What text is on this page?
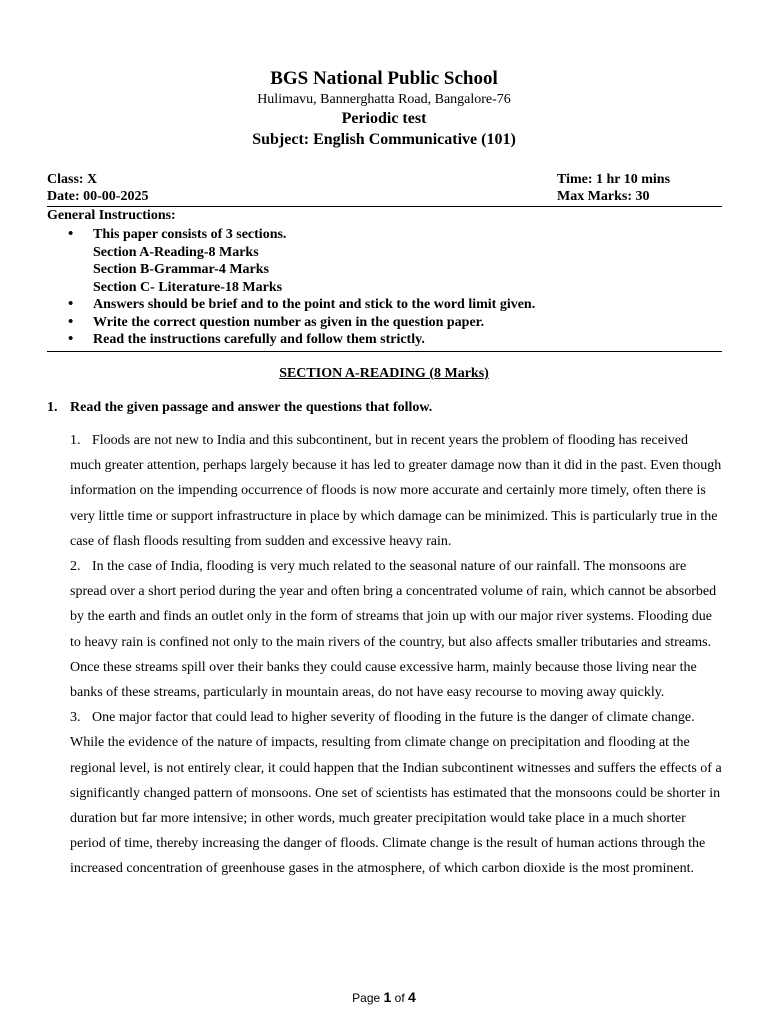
BGS National Public School
Hulimavu, Bannerghatta Road, Bangalore-76
Periodic test
Subject: English Communicative (101)
Class: X	Time: 1 hr 10 mins
Date: 00-00-2025	Max Marks: 30
General Instructions:
• This paper consists of 3 sections.
Section A-Reading-8 Marks
Section B-Grammar-4 Marks
Section C- Literature-18 Marks
• Answers should be brief and to the point and stick to the word limit given.
• Write the correct question number as given in the question paper.
• Read the instructions carefully and follow them strictly.
SECTION A-READING (8 Marks)
1. Read the given passage and answer the questions that follow.

1. Floods are not new to India and this subcontinent, but in recent years the problem of flooding has received much greater attention, perhaps largely because it has led to greater damage now than it did in the past. Even though information on the impending occurrence of floods is now more accurate and certainly more timely, often there is very little time or support infrastructure in place by which damage can be minimized. This is particularly true in the case of flash floods resulting from sudden and excessive heavy rain.

2. In the case of India, flooding is very much related to the seasonal nature of our rainfall. The monsoons are spread over a short period during the year and often bring a concentrated volume of rain, which cannot be absorbed by the earth and finds an outlet only in the form of streams that join up with our major river systems. Flooding due to heavy rain is confined not only to the main rivers of the country, but also affects smaller tributaries and streams. Once these streams spill over their banks they could cause excessive harm, mainly because those living near the banks of these streams, particularly in mountain areas, do not have easy recourse to moving away quickly.

3. One major factor that could lead to higher severity of flooding in the future is the danger of climate change. While the evidence of the nature of impacts, resulting from climate change on precipitation and flooding at the regional level, is not entirely clear, it could happen that the Indian subcontinent witnesses and suffers the effects of a significantly changed pattern of monsoons. One set of scientists has estimated that the monsoons could be shorter in duration but far more intensive; in other words, much greater precipitation would take place in a much shorter period of time, thereby increasing the danger of floods. Climate change is the result of human actions through the increased concentration of greenhouse gases in the atmosphere, of which carbon dioxide is the most prominent.

Page 1 of 4
